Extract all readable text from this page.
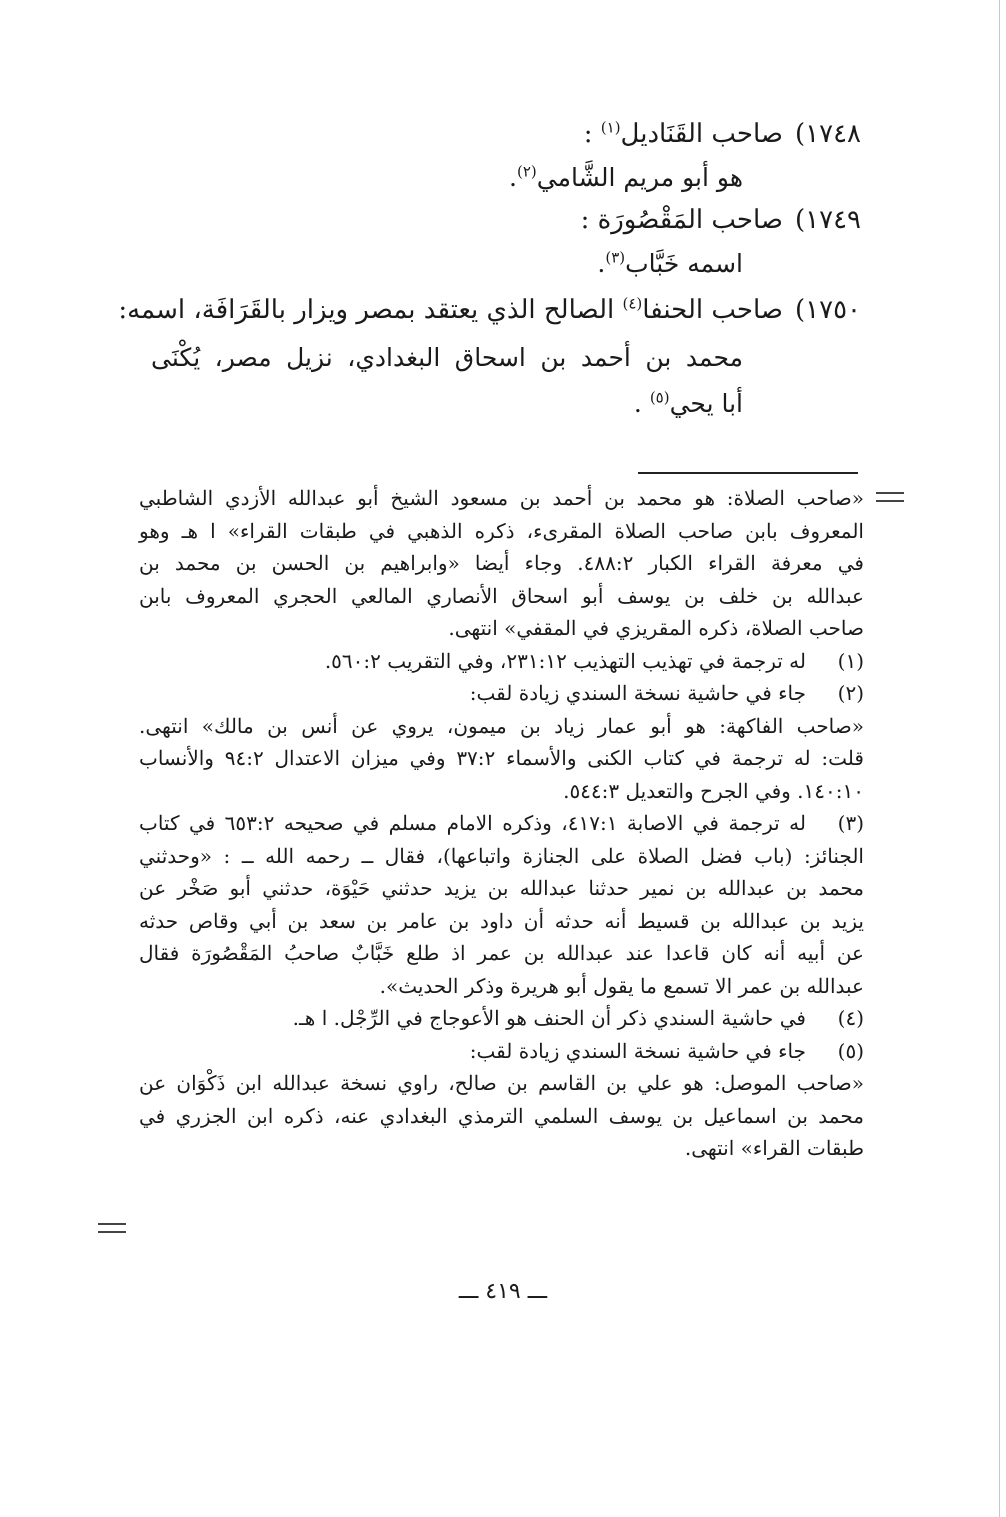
١٧٤٨)صاحب القَنَاديل$^{(١)}$ :
هو أبو مريم الشَّامي$^{(٢)}$.
١٧٤٩)صاحب المَقْصُورَة :
اسمه خَبَّاب$^{(٣)}$.
١٧٥٠)صاحب الحنفا$^{(٤)}$ الصالح الذي يعتقد بمصر ويزار بالقَرَافَة، اسمه:
محمد بن أحمد بن اسحاق البغدادي، نزيل مصر، يُكْنَى
أبا يحي$^{(٥)}$ .
«صاحب الصلاة: هو محمد بن أحمد بن مسعود الشيخ أبو عبدالله الأزدي الشاطبي
المعروف بابن صاحب الصلاة المقرىء، ذكره الذهبي في طبقات القراء» ا هـ وهو
في معرفة القراء الكبار ٤٨٨:٢. وجاء أيضا «وابراهيم بن الحسن بن محمد بن
عبدالله بن خلف بن يوسف أبو اسحاق الأنصاري المالعي الحجري المعروف بابن
صاحب الصلاة، ذكره المقريزي في المقفي» انتهى.
(١)
له ترجمة في تهذيب التهذيب ٢٣١:١٢، وفي التقريب ٥٦٠:٢.
(٢)
جاء في حاشية نسخة السندي زيادة لقب:
«صاحب الفاكهة: هو أبو عمار زياد بن ميمون، يروي عن أنس بن مالك» انتهى.
قلت: له ترجمة في كتاب الكنى والأسماء ٣٧:٢ وفي ميزان الاعتدال ٩٤:٢ والأنساب
١٤٠:١٠. وفي الجرح والتعديل ٥٤٤:٣.
(٣)
له ترجمة في الاصابة ٤١٧:١، وذكره الامام مسلم في صحيحه ٦٥٣:٢ في كتاب
الجنائز: (باب فضل الصلاة على الجنازة واتباعها)، فقال ــ رحمه الله ــ : «وحدثني
محمد بن عبدالله بن نمير حدثنا عبدالله بن يزيد حدثني حَيْوَة، حدثني أبو صَخْر عن
يزيد بن عبدالله بن قسيط أنه حدثه أن داود بن عامر بن سعد بن أبي وقاص حدثه
عن أبيه أنه كان قاعدا عند عبدالله بن عمر اذ طلع خَبَّابٌ صاحبُ المَقْصُورَة فقال
عبدالله بن عمر الا تسمع ما يقول أبو هريرة وذكر الحديث».
(٤)
في حاشية السندي ذكر أن الحنف هو الأعوجاج في الرِّجْل. ا هـ.
(٥)
جاء في حاشية نسخة السندي زيادة لقب:
«صاحب الموصل: هو علي بن القاسم بن صالح، راوي نسخة عبدالله ابن ذَكْوَان عن
محمد بن اسماعيل بن يوسف السلمي الترمذي البغدادي عنه، ذكره ابن الجزري في
طبقات القراء» انتهى.
ـــ ٤١٩ ـــ
